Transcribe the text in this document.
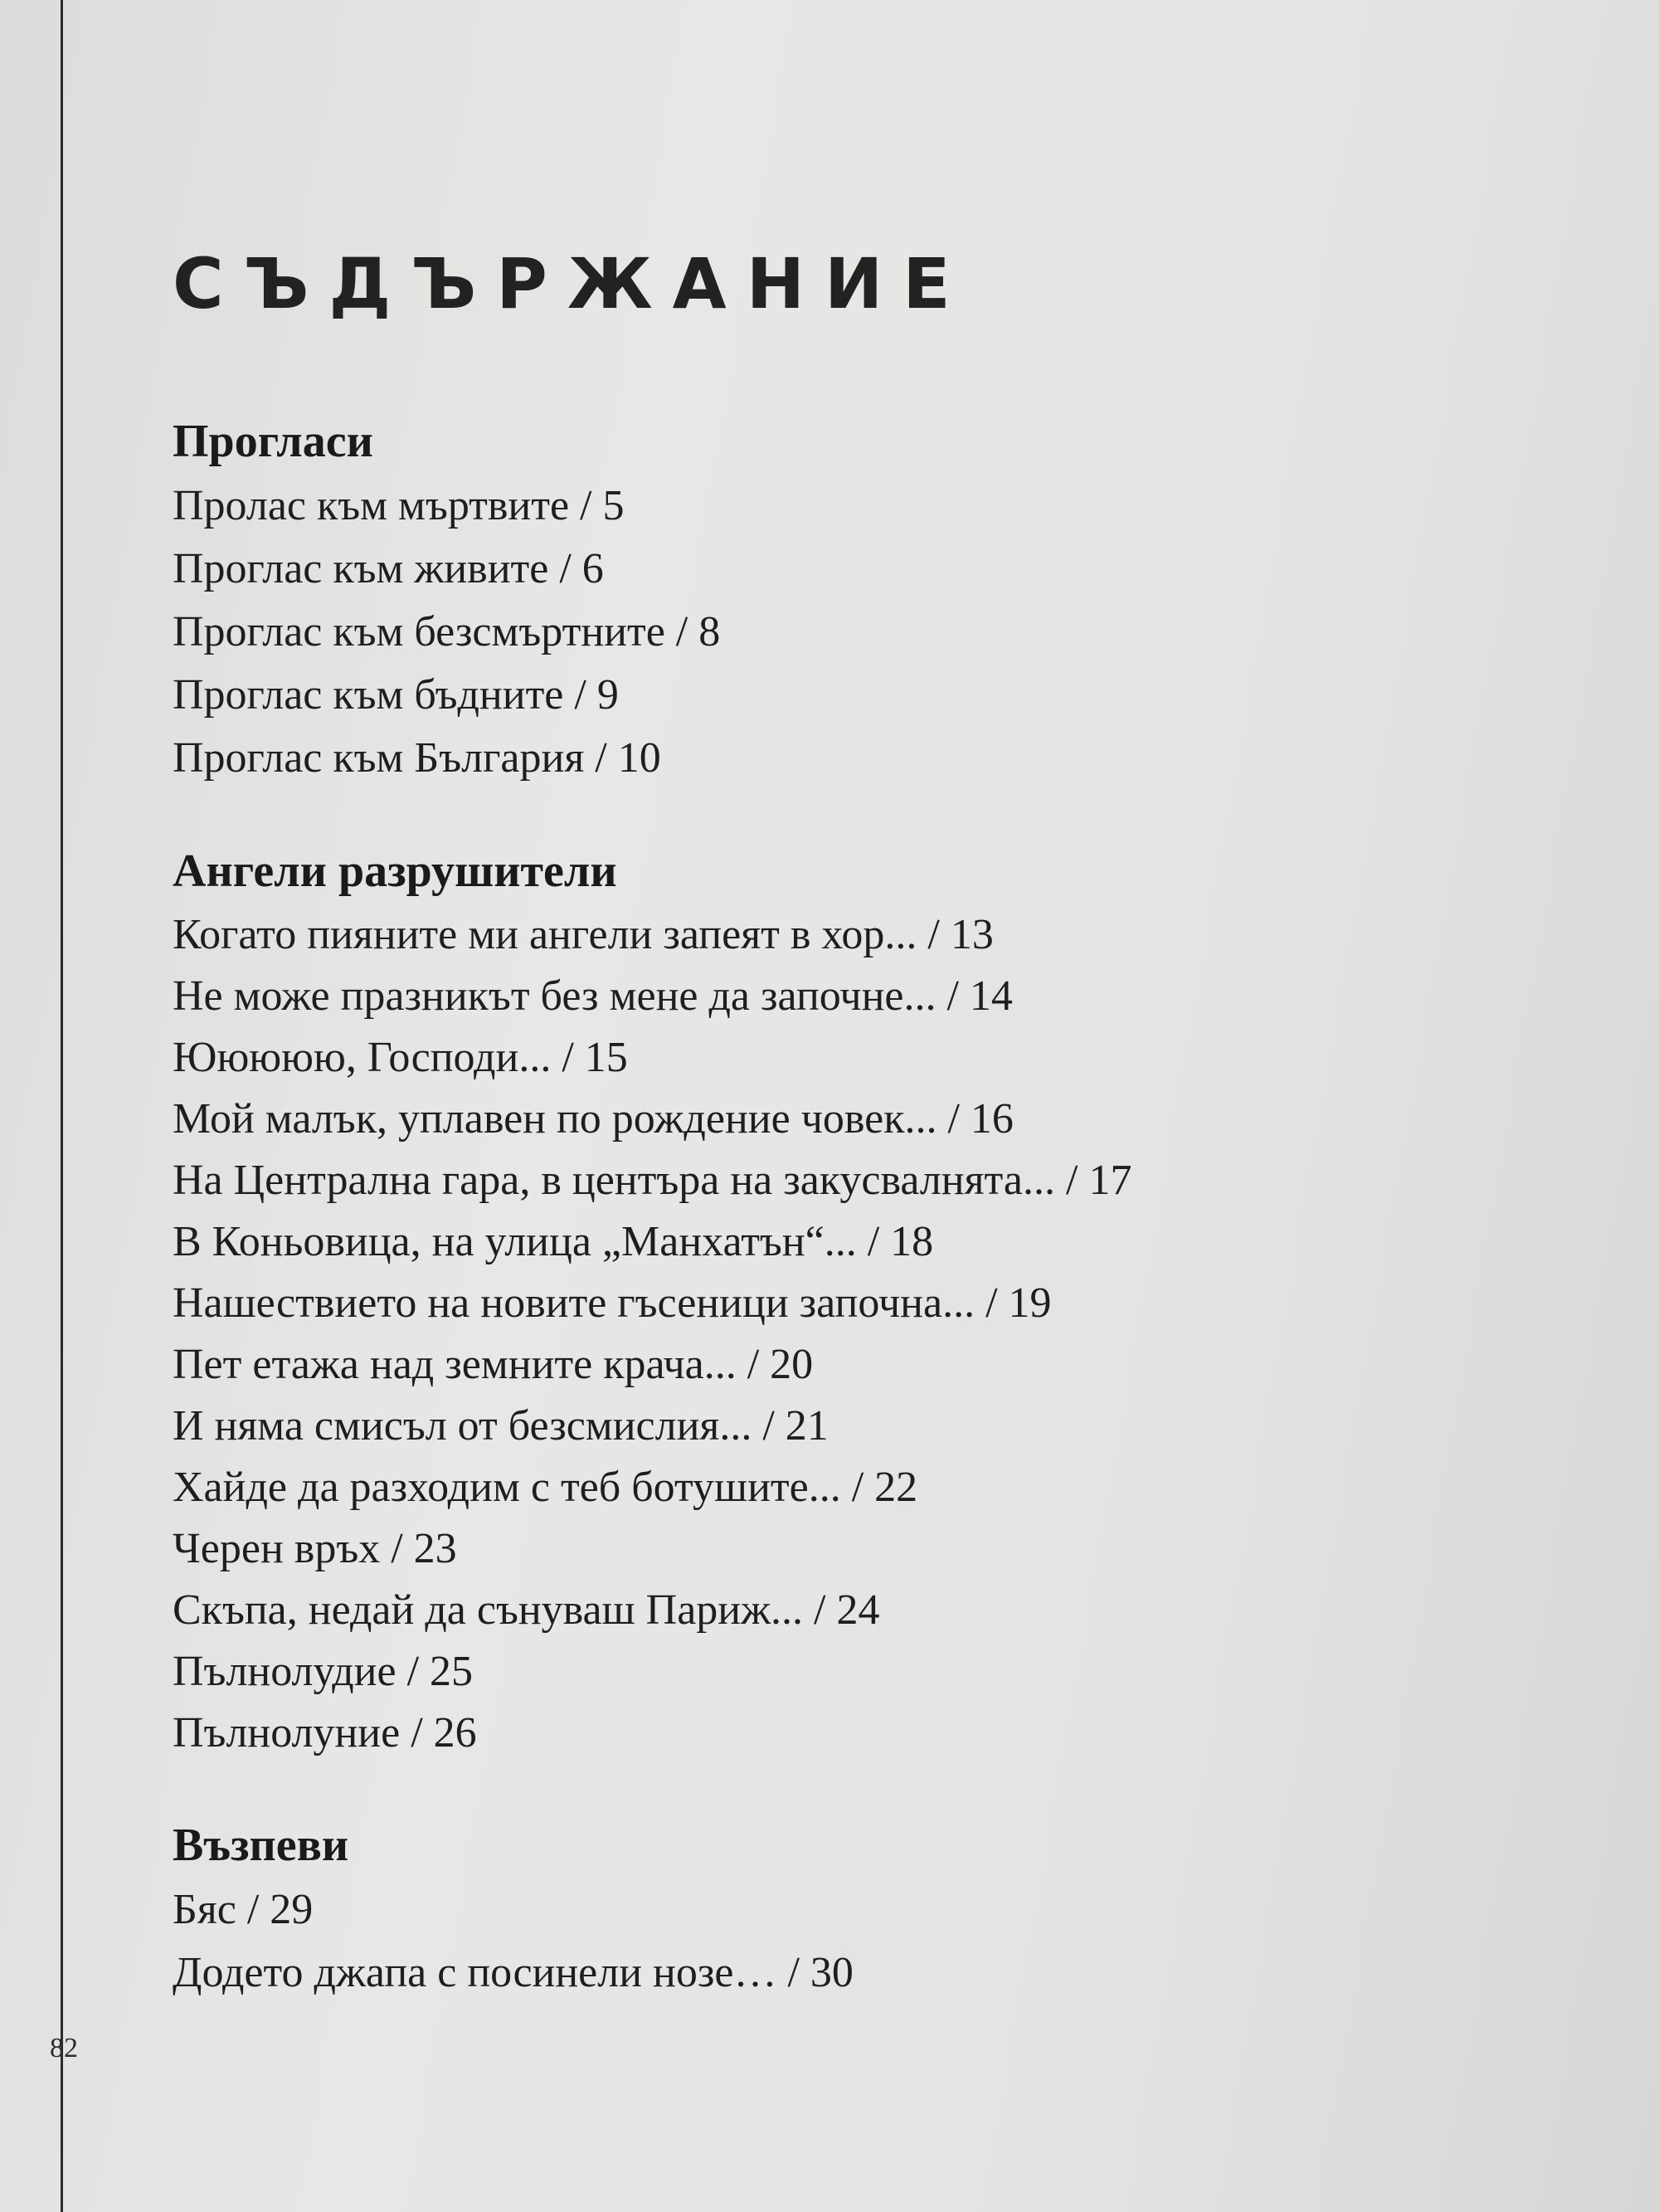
СЪДЪРЖАНИЕ
Прогласи
Пролас към мъртвите / 5
Проглас към живите / 6
Проглас към безсмъртните / 8
Проглас към бъдните / 9
Проглас към България / 10
Ангели разрушители
Когато пияните ми ангели запеят в хор... / 13
Не може празникът без мене да започне... / 14
Ююююю, Господи... / 15
Мой малък, уплавен по рождение човек... / 16
На Централна гара, в центъра на закусвалнята... / 17
В Коньовица, на улица „Манхатън“... / 18
Нашествието на новите гъсеници започна... / 19
Пет етажа над земните крача... / 20
И няма смисъл от безсмислия... / 21
Хайде да разходим с теб ботушите... / 22
Черен връх / 23
Скъпа, недай да сънуваш Париж... / 24
Пълнолудие / 25
Пълнолуние / 26
Възпеви
Бяс / 29
Додето джапа с посинели нозе… / 30
82
